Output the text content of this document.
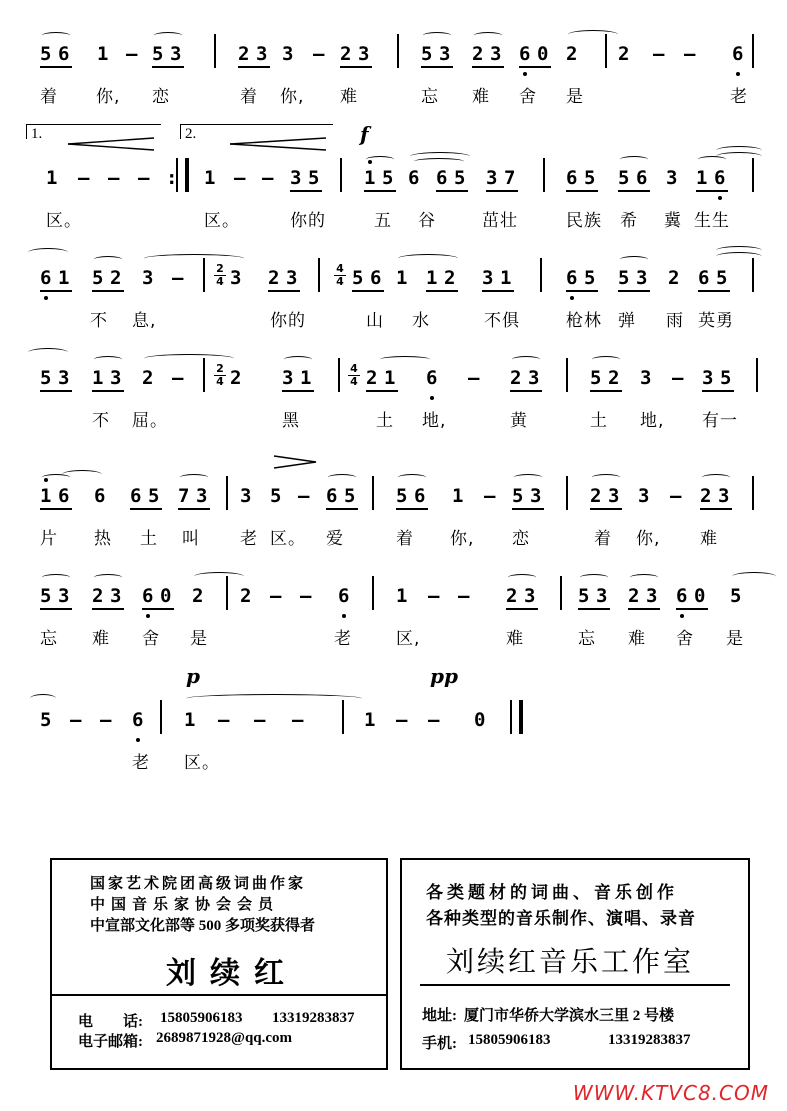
5 6 1 – 5 3	2 3 3 – 2 3	5 3 2 3 6 0 2 2 – – 6
着 你, 恋	着 你, 难	忘 难 舍 是	老
1.	2.	f
1 – – – : 1 – – 3 5 1 5 6 6 5 3 7	6 5 5 6 3 1 6
区。	区。	你的	五 谷	茁壮	民族 希 冀 生生
6 1 5 2 3 –	2
4 3 2 3	4
4 5 6 1 1 2 3 1	6 5 5 3 2 6 5
不 息,	你的	山 水	不俱	枪林 弹 雨 英勇
5 3 1 3 2 –	2
4 2 3 1	4
4 2 1 6 – 2 3	5 2 3 – 3 5
不 屈。	黑	土 地,	黄	土 地, 有一
1 6 6 6 5 7 3 3 5 – 6 5 5 6 1 – 5 3	2 3 3 – 2 3
片 热 土 叫 老 区。 爱	着 你, 恋	着 你, 难
5 3 2 3 6 0 2 2 – – 6 1 – – 2 3 5 3 2 3 6 0 5
忘 难 舍 是	老	区,	难	忘 难 舍 是
p	pp
5 – – 6 1 – – –	1 – – 0
老 区。
国家艺术院团高级词曲作家
中国音乐家协会会员
中宣部文化部等 500 多项奖获得者
刘续红
电　　话: 15805906183 13319283837
电子邮箱: 2689871928@qq.com
各类题材的词曲、音乐创作
各种类型的音乐制作、演唱、录音
刘续红音乐工作室
地址: 厦门市华侨大学滨水三里 2 号楼
手机: 15805906183	13319283837
WWW.KTVC8.COM
